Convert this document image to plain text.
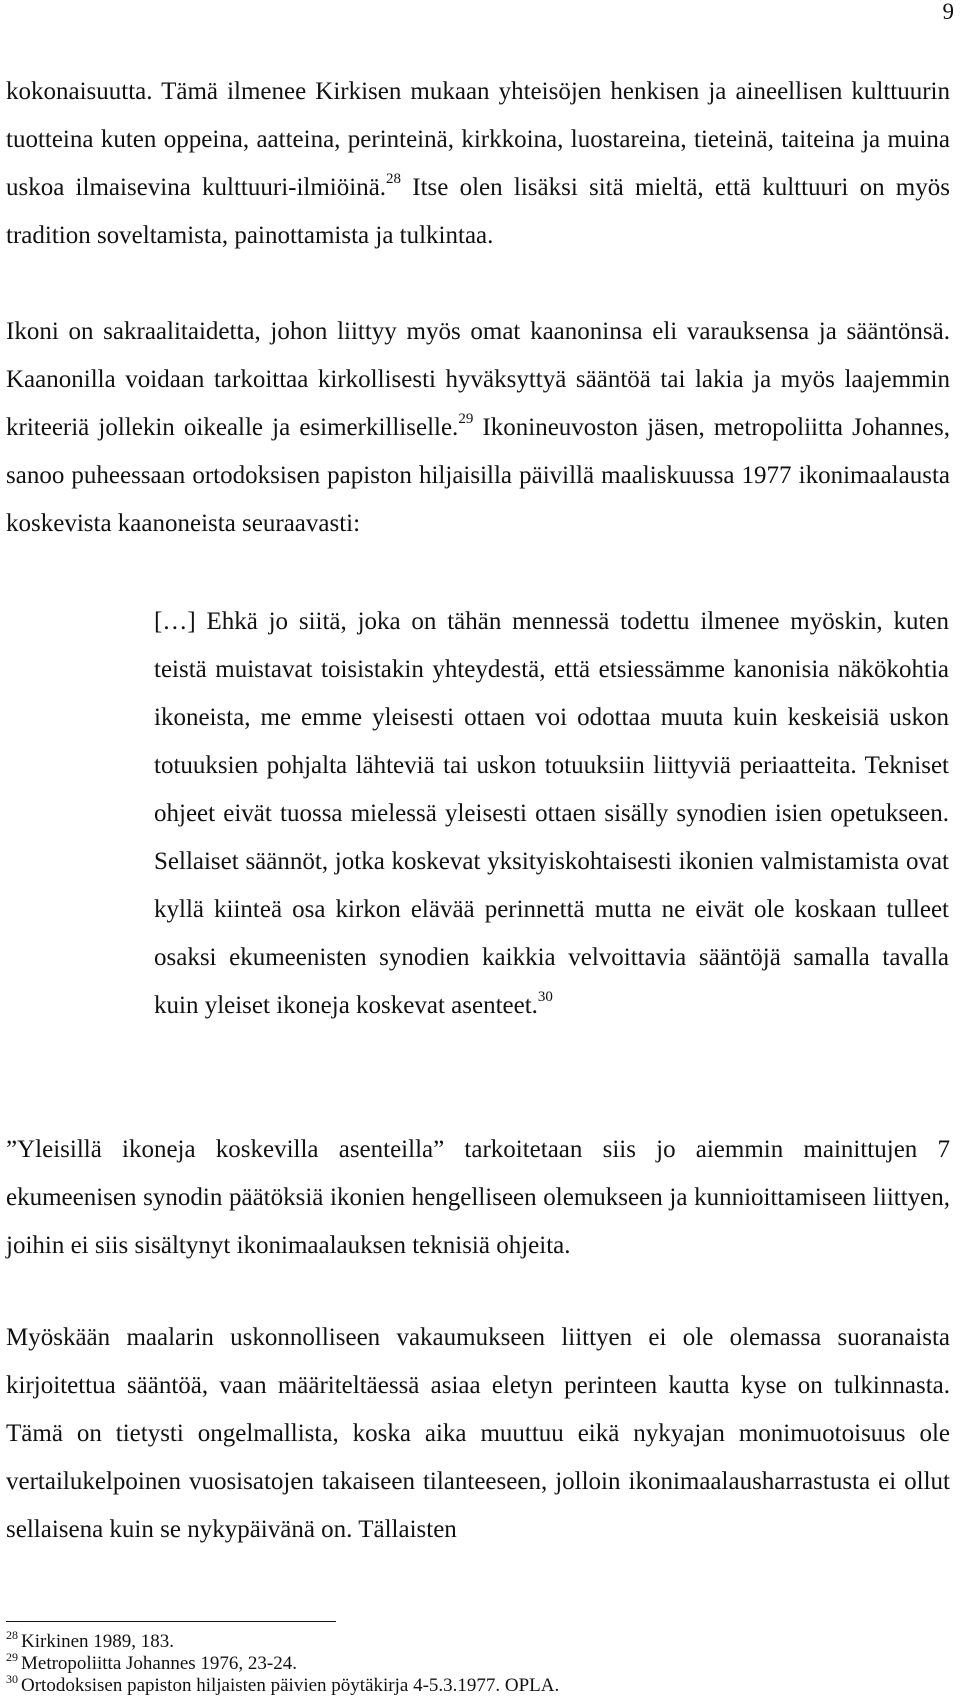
9

kokonaisuutta. Tämä ilmenee Kirkisen mukaan yhteisöjen henkisen ja aineellisen kulttuurin tuotteina kuten oppeina, aatteina, perinteinä, kirkkoina, luostareina, tieteinä, taiteina ja muina uskoa ilmaisevina kulttuuri-ilmiöinä.$^{28}$ Itse olen lisäksi sitä mieltä, että kulttuuri on myös tradition soveltamista, painottamista ja tulkintaa.

Ikoni on sakraalitaidetta, johon liittyy myös omat kaanoninsa eli varauksensa ja sääntönsä. Kaanonilla voidaan tarkoittaa kirkollisesti hyväksyttyä sääntöä tai lakia ja myös laajemmin kriteeriä jollekin oikealle ja esimerkilliselle.$^{29}$ Ikonineuvoston jäsen, metropoliitta Johannes, sanoo puheessaan ortodoksisen papiston hiljaisilla päivillä maaliskuussa 1977 ikonimaalausta koskevista kaanoneista seuraavasti:

[…] Ehkä jo siitä, joka on tähän mennessä todettu ilmenee myöskin, kuten teistä muistavat toisistakin yhteydestä, että etsiessämme kanonisia näkökohtia ikoneista, me emme yleisesti ottaen voi odottaa muuta kuin keskeisiä uskon totuuksien pohjalta lähteviä tai uskon totuuksiin liittyviä periaatteita. Tekniset ohjeet eivät tuossa mielessä yleisesti ottaen sisälly synodien isien opetukseen. Sellaiset säännöt, jotka koskevat yksityiskohtaisesti ikonien valmistamista ovat kyllä kiinteä osa kirkon elävää perinnettä mutta ne eivät ole koskaan tulleet osaksi ekumeenisten synodien kaikkia velvoittavia sääntöjä samalla tavalla kuin yleiset ikoneja koskevat asenteet.$^{30}$

”Yleisillä ikoneja koskevilla asenteilla” tarkoitetaan siis jo aiemmin mainittujen 7 ekumeenisen synodin päätöksiä ikonien hengelliseen olemukseen ja kunnioittamiseen liittyen, joihin ei siis sisältynyt ikonimaalauksen teknisiä ohjeita.

Myöskään maalarin uskonnolliseen vakaumukseen liittyen ei ole olemassa suoranaista kirjoitettua sääntöä, vaan määriteltäessä asiaa eletyn perinteen kautta kyse on tulkinnasta. Tämä on tietysti ongelmallista, koska aika muuttuu eikä nykyajan monimuotoisuus ole vertailukelpoinen vuosisatojen takaiseen tilanteeseen, jolloin ikonimaalausharrastusta ei ollut sellaisena kuin se nykypäivänä on. Tällaisten

$^{28}$ Kirkinen 1989, 183.

$^{29}$ Metropoliitta Johannes 1976, 23-24.

$^{30}$ Ortodoksisen papiston hiljaisten päivien pöytäkirja 4-5.3.1977. OPLA.
